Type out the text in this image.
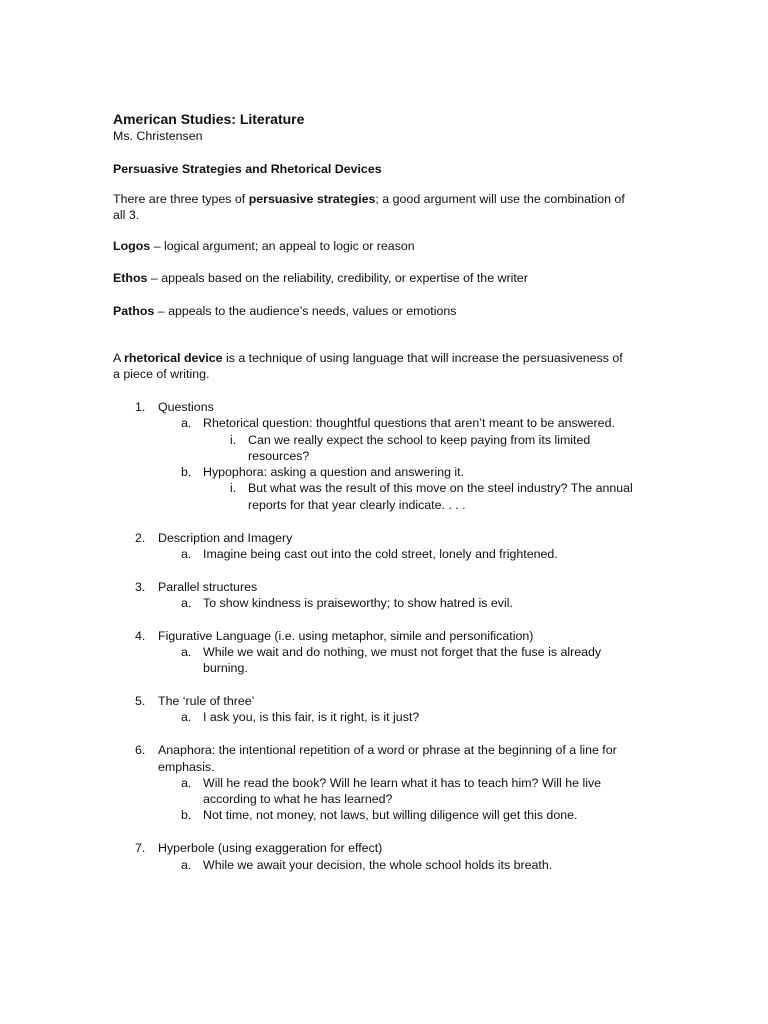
American Studies: Literature
Ms. Christensen
Persuasive Strategies and Rhetorical Devices

There are three types of persuasive strategies; a good argument will use the combination of all 3.

Logos – logical argument; an appeal to logic or reason

Ethos – appeals based on the reliability, credibility, or expertise of the writer

Pathos – appeals to the audience’s needs, values or emotions

A rhetorical device is a technique of using language that will increase the persuasiveness of a piece of writing.

1. Questions
a. Rhetorical question: thoughtful questions that aren’t meant to be answered.
i. Can we really expect the school to keep paying from its limited resources?
b. Hypophora: asking a question and answering it.
i. But what was the result of this move on the steel industry? The annual reports for that year clearly indicate. . . .
2. Description and Imagery
a. Imagine being cast out into the cold street, lonely and frightened.
3. Parallel structures
a. To show kindness is praiseworthy; to show hatred is evil.
4. Figurative Language (i.e. using metaphor, simile and personification)
a. While we wait and do nothing, we must not forget that the fuse is already burning.
5. The ‘rule of three’
a. I ask you, is this fair, is it right, is it just?
6. Anaphora: the intentional repetition of a word or phrase at the beginning of a line for emphasis.
a. Will he read the book? Will he learn what it has to teach him? Will he live according to what he has learned?
b. Not time, not money, not laws, but willing diligence will get this done.
7. Hyperbole (using exaggeration for effect)
a. While we await your decision, the whole school holds its breath.
